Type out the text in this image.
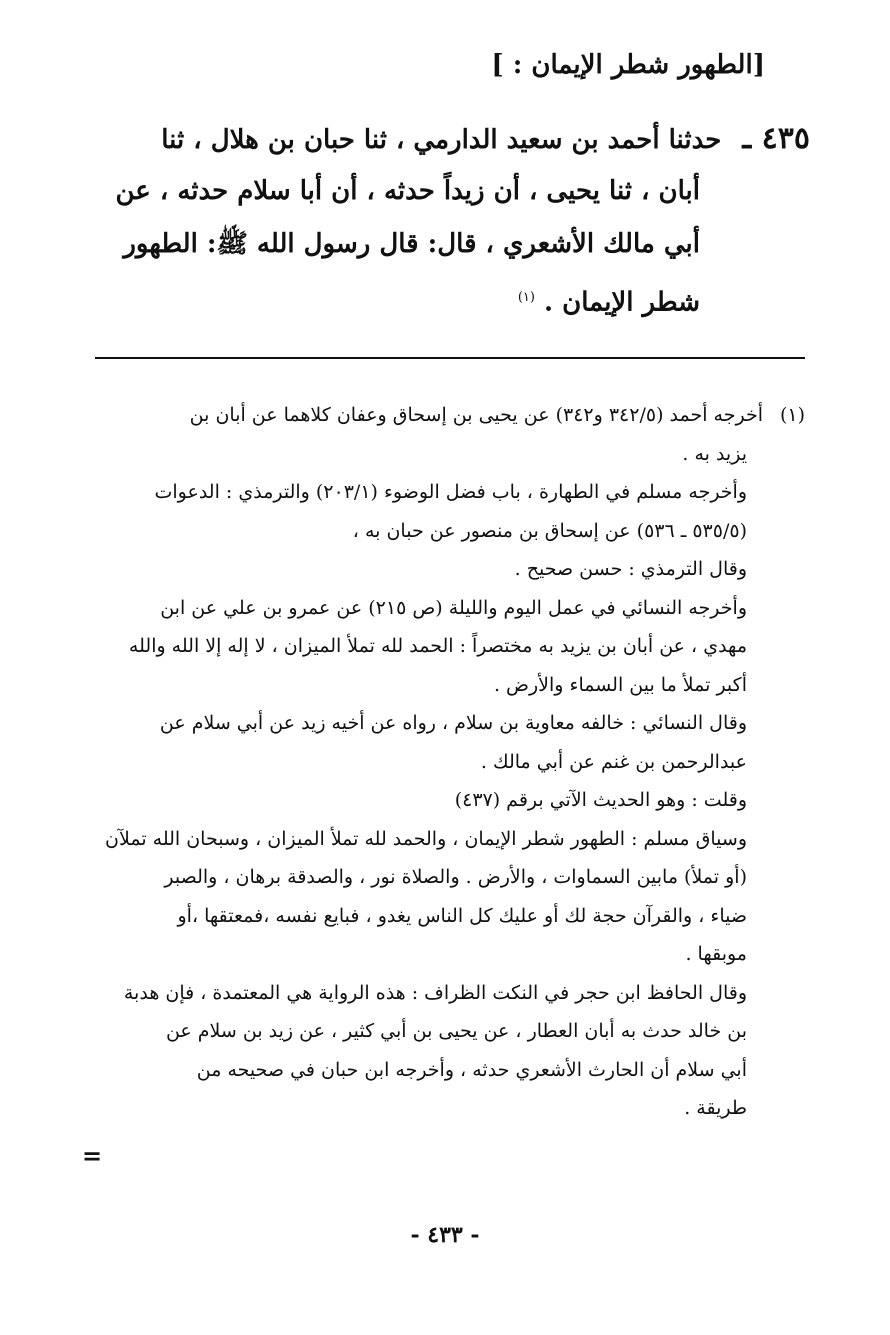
[الطهور شطر الإيمان : ]
٤٣٥ ـ حدثنا أحمد بن سعيد الدارمي ، ثنا حبان بن هلال ، ثنا
أبان ، ثنا يحيى ، أن زيداً حدثه ، أن أبا سلام حدثه ، عن
أبي مالك الأشعري ، قال: قال رسول الله ﷺ: الطهور
شطر الإيمان . $^{(١)}$
(١)أخرجه أحمد (٣٤٢/٥ و٣٤٢) عن يحيى بن إسحاق وعفان كلاهما عن أبان بن
يزيد به .
وأخرجه مسلم في الطهارة ، باب فضل الوضوء (٢٠٣/١) والترمذي : الدعوات
(٥٣٥/٥ ـ ٥٣٦) عن إسحاق بن منصور عن حبان به ،
وقال الترمذي : حسن صحيح .
وأخرجه النسائي في عمل اليوم والليلة (ص ٢١٥) عن عمرو بن علي عن ابن
مهدي ، عن أبان بن يزيد به مختصراً : الحمد لله تملأ الميزان ، لا إله إلا الله والله
أكبر تملأ ما بين السماء والأرض .
وقال النسائي : خالفه معاوية بن سلام ، رواه عن أخيه زيد عن أبي سلام عن
عبدالرحمن بن غنم عن أبي مالك .
وقلت : وهو الحديث الآتي برقم (٤٣٧)
وسياق مسلم : الطهور شطر الإيمان ، والحمد لله تملأ الميزان ، وسبحان الله تملآن
(أو تملأ) مابين السماوات ، والأرض . والصلاة نور ، والصدقة برهان ، والصبر
ضياء ، والقرآن حجة لك أو عليك كل الناس يغدو ، فبايع نفسه ،فمعتقها ،أو
موبقها .
وقال الحافظ ابن حجر في النكت الظراف : هذه الرواية هي المعتمدة ، فإن هدبة
بن خالد حدث به أبان العطار ، عن يحيى بن أبي كثير ، عن زيد بن سلام عن
أبي سلام أن الحارث الأشعري حدثه ، وأخرجه ابن حبان في صحيحه من
طريقة .
=
- ٤٣٣ -
